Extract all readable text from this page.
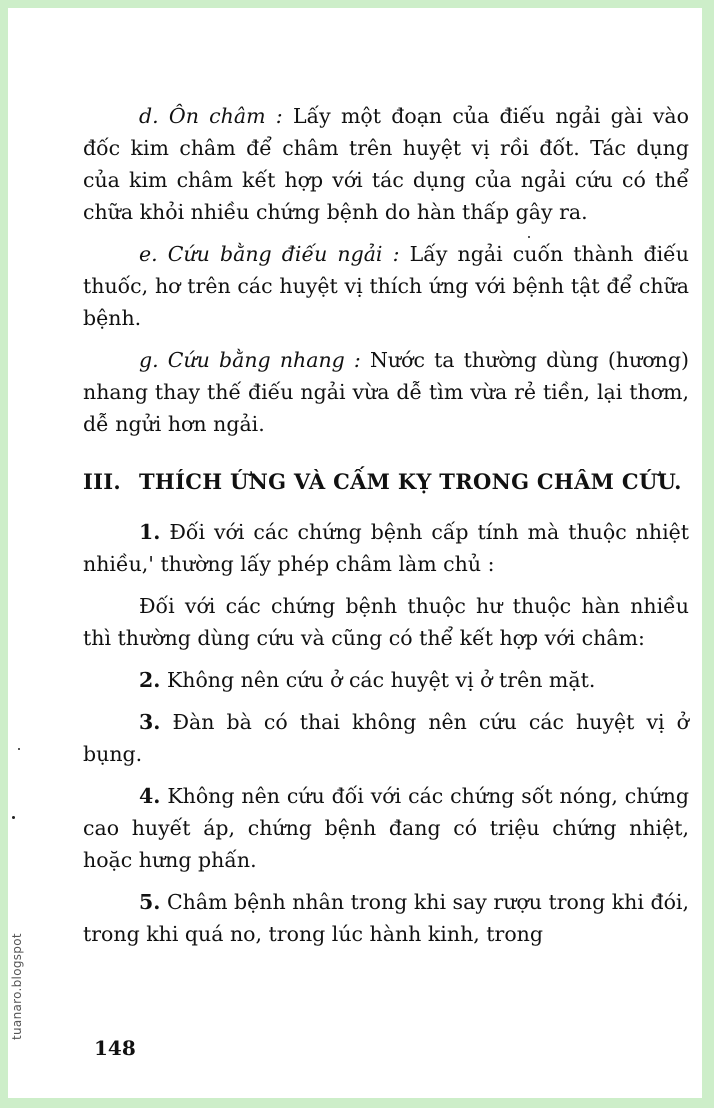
d. Ôn châm : Lấy một đoạn của điếu ngải gài vào đốc kim châm để châm trên huyệt vị rồi đốt. Tác dụng của kim châm kết hợp với tác dụng của ngải cứu có thể chữa khỏi nhiều chứng bệnh do hàn thấp gây ra.

e. Cứu bằng điếu ngải : Lấy ngải cuốn thành điếu thuốc, hơ trên các huyệt vị thích ứng với bệnh tật để chữa bệnh.

g. Cứu bằng nhang : Nước ta thường dùng (hương) nhang thay thế điếu ngải vừa dễ tìm vừa rẻ tiền, lại thơm, dễ ngửi hơn ngải.

III. THÍCH ỨNG VÀ CẤM KỴ TRONG CHÂM CỨU.

1. Đối với các chứng bệnh cấp tính mà thuộc nhiệt nhiều,' thường lấy phép châm làm chủ :

Đối với các chứng bệnh thuộc hư thuộc hàn nhiều thì thường dùng cứu và cũng có thể kết hợp với châm:

2. Không nên cứu ở các huyệt vị ở trên mặt.

3. Đàn bà có thai không nên cứu các huyệt vị ở bụng.

4. Không nên cứu đối với các chứng sốt nóng, chứng cao huyết áp, chứng bệnh đang có triệu chứng nhiệt, hoặc hưng phấn.

5. Châm bệnh nhân trong khi say rượu trong khi đói, trong khi quá no, trong lúc hành kinh, trong

148
tuanaro.blogspot
